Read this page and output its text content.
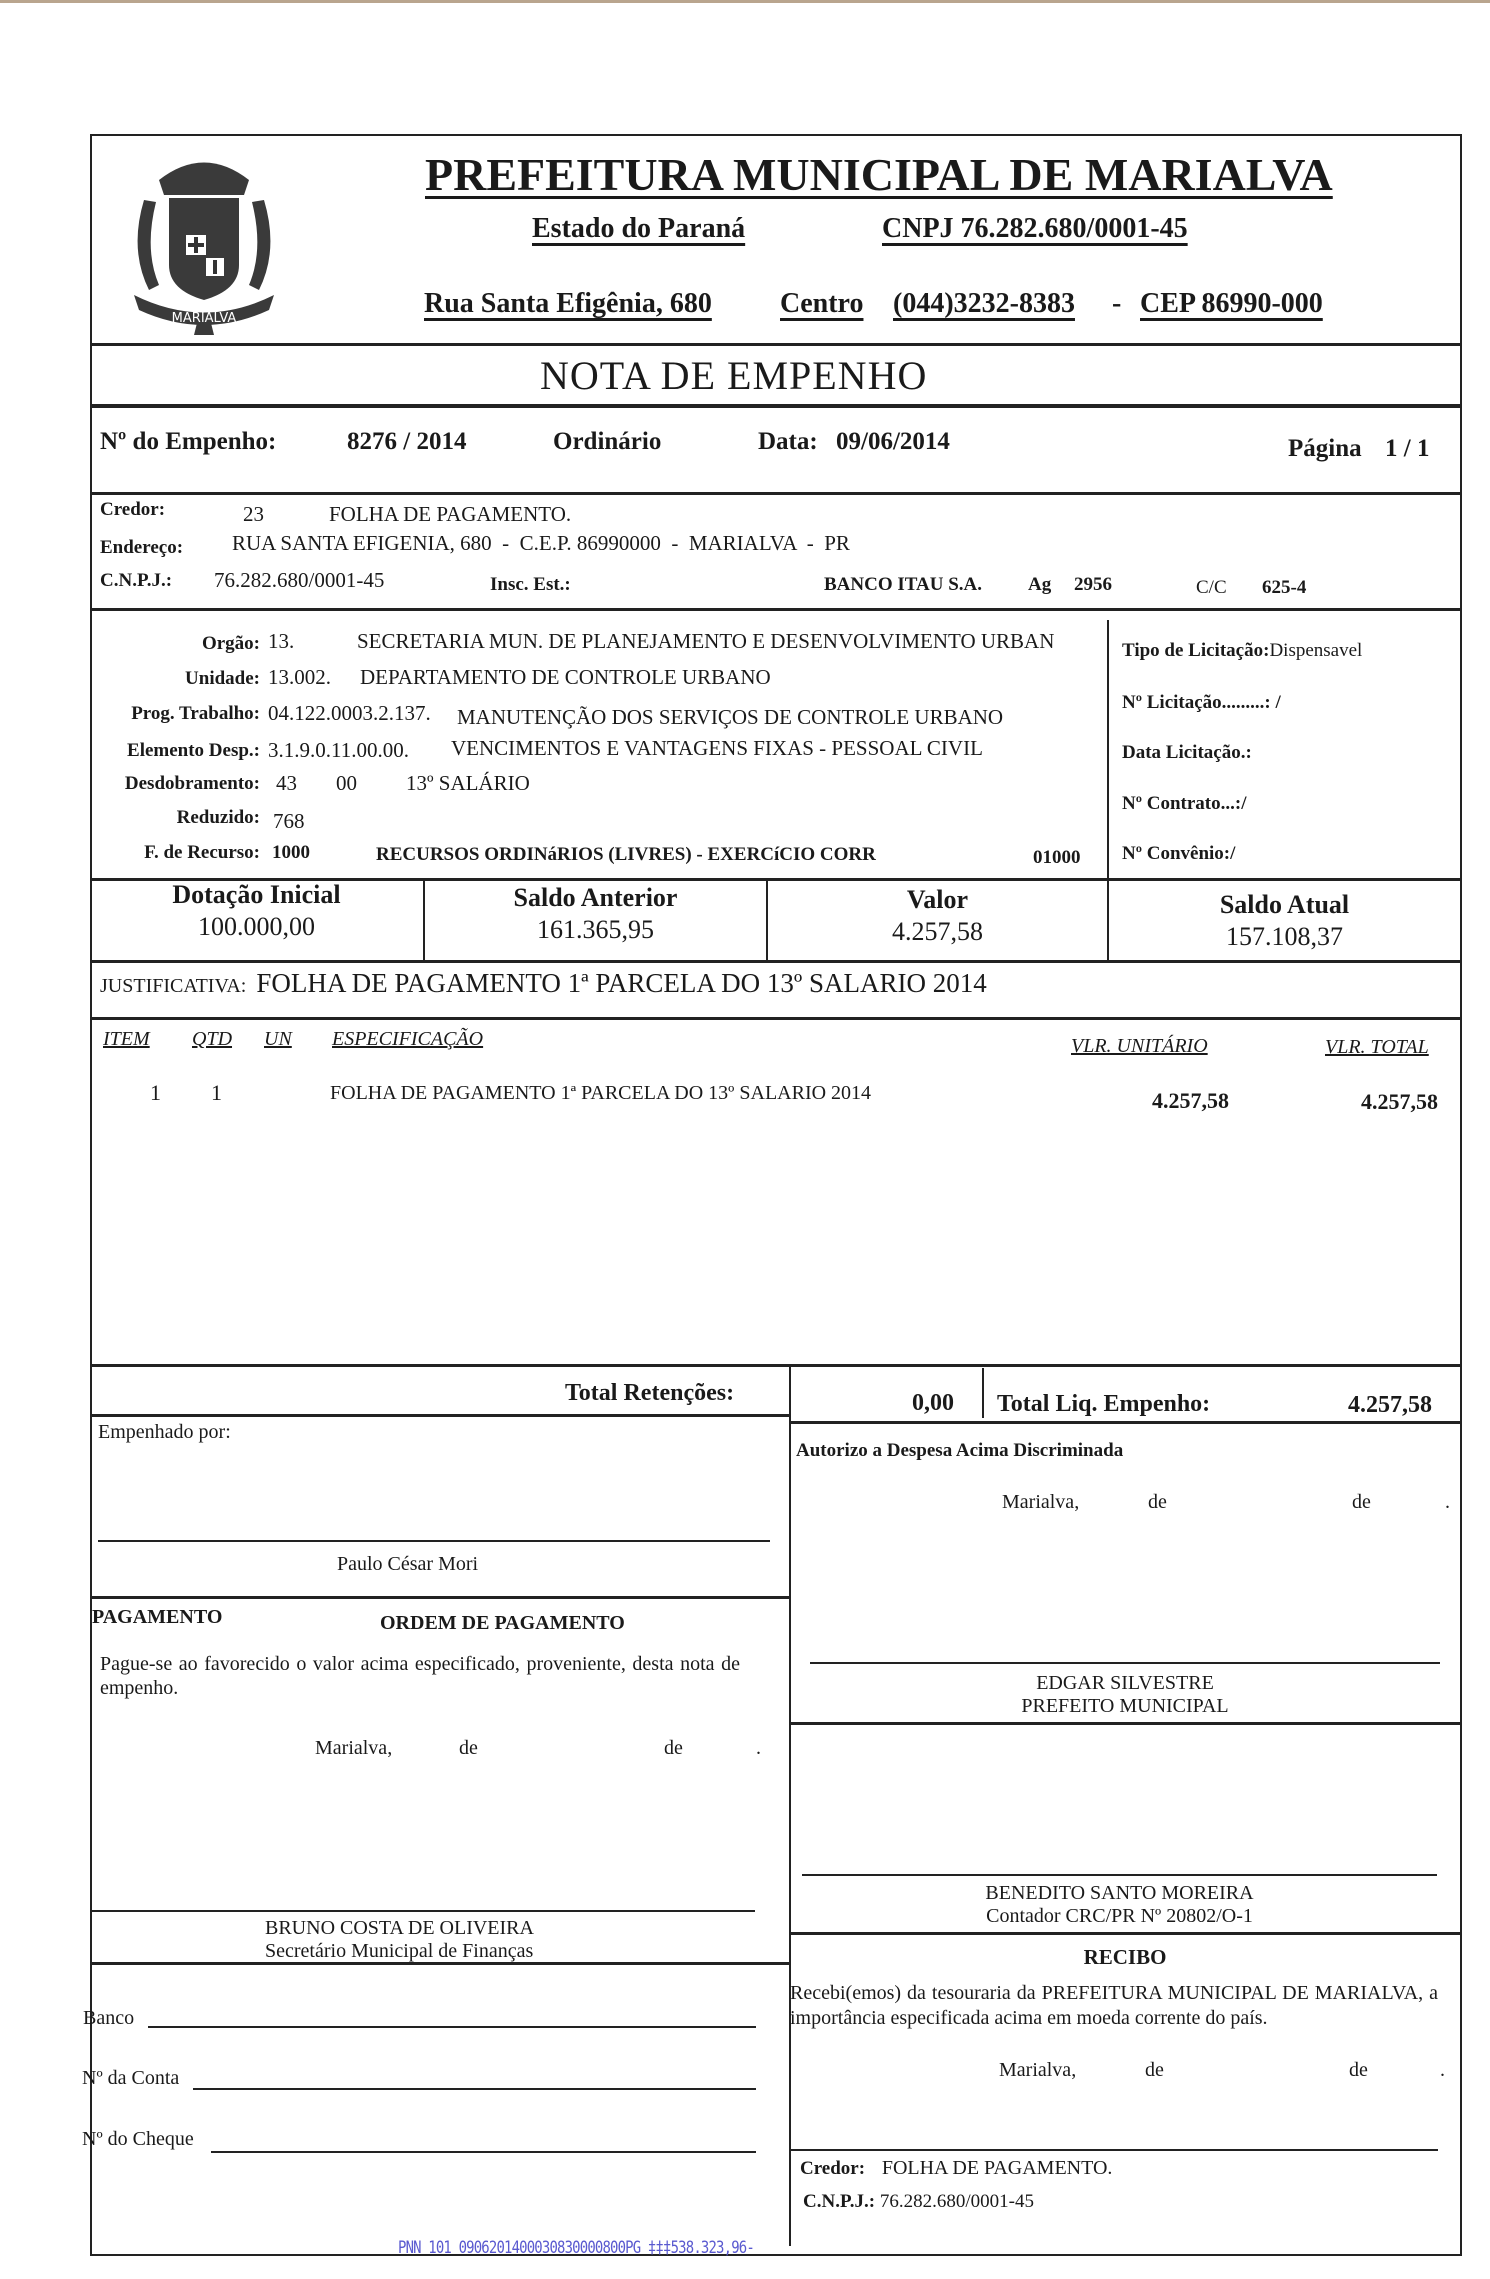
MARIALVA
PREFEITURA MUNICIPAL DE MARIALVA
Estado do Paraná	CNPJ 76.282.680/0001-45
Rua Santa Efigênia, 680 Centro (044)3232-8383 - CEP 86990-000
NOTA DE EMPENHO
Nº do Empenho:	8276 / 2014	Ordinário	Data: 09/06/2014	Página 1 / 1
Credor:	23	FOLHA DE PAGAMENTO.
Endereço: RUA SANTA EFIGENIA, 680  -  C.E.P. 86990000  -  MARIALVA  -  PR
C.N.P.J.: 76.282.680/0001-45	Insc. Est.:	BANCO ITAU S.A. Ag 2956	C/C 625-4
Orgão: 13.	SECRETARIA MUN. DE PLANEJAMENTO E DESENVOLVIMENTO URBAN
Unidade: 13.002. DEPARTAMENTO DE CONTROLE URBANO
Prog. Trabalho: 04.122.0003.2.137. MANUTENÇÃO DOS SERVIÇOS DE CONTROLE URBANO
Elemento Desp.: 3.1.9.0.11.00.00. VENCIMENTOS E VANTAGENS FIXAS - PESSOAL CIVIL
Desdobramento: 43 00 13º SALÁRIO
Reduzido: 768
F. de Recurso: 1000	RECURSOS ORDINáRIOS (LIVRES) - EXERCíCIO CORR	01000
Tipo de Licitação:Dispensavel
Nº Licitação.........: /
Data Licitação.:
Nº Contrato...:/
Nº Convênio:/
Dotação Inicial
100.000,00
Saldo Anterior
161.365,95
Valor
4.257,58
Saldo Atual
157.108,37
JUSTIFICATIVA: FOLHA DE PAGAMENTO 1ª PARCELA DO 13º SALARIO 2014
ITEM QTD UN ESPECIFICAÇÃO	VLR. UNITÁRIO	VLR. TOTAL
1 1	FOLHA DE PAGAMENTO 1ª PARCELA DO 13º SALARIO 2014	4.257,58	4.257,58
Total Retenções:	0,00 Total Liq. Empenho:	4.257,58
Empenhado por:
Paulo César Mori
Autorizo a Despesa Acima Discriminada
Marialva,	de	de	.
EDGAR SILVESTRE
PREFEITO MUNICIPAL
PAGAMENTO	ORDEM DE PAGAMENTO
Pague-se ao favorecido o valor acima especificado, proveniente, desta nota de empenho.
Marialva,	de	de	.
BENEDITO SANTO MOREIRA
Contador CRC/PR Nº 20802/O-1
BRUNO COSTA DE OLIVEIRA
Secretário Municipal de Finanças
Banco
Nº da Conta
Nº do Cheque
RECIBO
Recebi(emos) da tesouraria da PREFEITURA MUNICIPAL DE MARIALVA, a importância especificada acima em moeda corrente do país.
Marialva,	de	de	.
Credor: FOLHA DE PAGAMENTO.
C.N.P.J.: 76.282.680/0001-45
PNN 101 0906201400030830000800PG ‡‡‡538.323,96-
